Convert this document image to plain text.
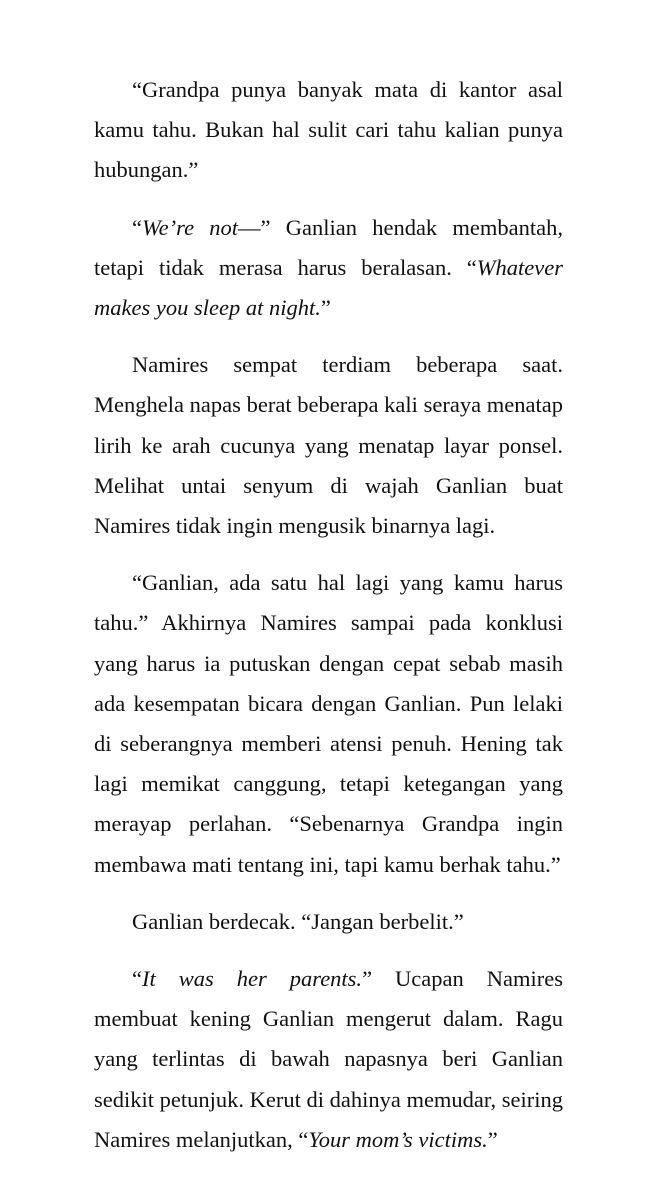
“Grandpa punya banyak mata di kantor asal kamu tahu. Bukan hal sulit cari tahu kalian punya hubungan.”

“We’re not—” Ganlian hendak membantah, tetapi tidak merasa harus beralasan. “Whatever makes you sleep at night.”

Namires sempat terdiam beberapa saat. Menghela napas berat beberapa kali seraya menatap lirih ke arah cucunya yang menatap layar ponsel. Melihat untai senyum di wajah Ganlian buat Namires tidak ingin mengusik binarnya lagi.

“Ganlian, ada satu hal lagi yang kamu harus tahu.” Akhirnya Namires sampai pada konklusi yang harus ia putuskan dengan cepat sebab masih ada kesempatan bicara dengan Ganlian. Pun lelaki di seberangnya memberi atensi penuh. Hening tak lagi memikat canggung, tetapi ketegangan yang merayap perlahan. “Sebenarnya Grandpa ingin membawa mati tentang ini, tapi kamu berhak tahu.”

Ganlian berdecak. “Jangan berbelit.”

“It was her parents.” Ucapan Namires membuat kening Ganlian mengerut dalam. Ragu yang terlintas di bawah napasnya beri Ganlian sedikit petunjuk. Kerut di dahinya memudar, seiring Namires melanjutkan, “Your mom’s victims.”
